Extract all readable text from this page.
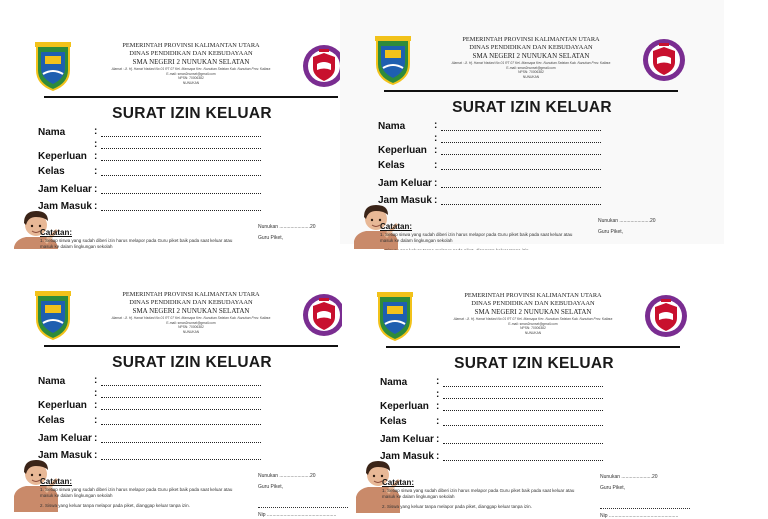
PEMERINTAH PROVINSI KALIMANTAN UTARA
DINAS PENDIDIKAN DAN KEBUDAYAAN
SMA NEGERI 2 NUNUKAN SELATAN
Alamat : Jl. Hj. Hamzi Hadani No 01 RT 07 Kel. Mansapa Kec. Nunukan Selatan Kab. Nunukan Prov. Kaltara
E-mail: sman2nunsel@gmail.com
NPSN: 70006382
NUNUKAN
SURAT IZIN KELUAR
Nama	:
:
Keperluan :
Kelas	:
Jam Keluar :
Jam Masuk :
Catatan:
1. Setiap siswa yang sudah diberi izin harus melapor pada Guru piket baik pada saat keluar atau masuk ke dalam lingkungan sekolah
Nunukan ......................20
Guru Piket,
PEMERINTAH PROVINSI KALIMANTAN UTARA
DINAS PENDIDIKAN DAN KEBUDAYAAN
SMA NEGERI 2 NUNUKAN SELATAN
Alamat : Jl. Hj. Hamzi Hadani No 01 RT 07 Kel. Mansapa Kec. Nunukan Selatan Kab. Nunukan Prov. Kaltara
E-mail: sman2nunsel@gmail.com
NPSN: 70006382
NUNUKAN
SURAT IZIN KELUAR
Nama	:
:
Keperluan :
Kelas	:
Jam Keluar :
Jam Masuk :
Catatan:
1. Setiap siswa yang sudah diberi izin harus melapor pada Guru piket baik pada saat keluar atau masuk ke dalam lingkungan sekolah
Nunukan ......................20
Guru Piket,
PEMERINTAH PROVINSI KALIMANTAN UTARA
DINAS PENDIDIKAN DAN KEBUDAYAAN
SMA NEGERI 2 NUNUKAN SELATAN
Alamat : Jl. Hj. Hamzi Hadani No 01 RT 07 Kel. Mansapa Kec. Nunukan Selatan Kab. Nunukan Prov. Kaltara
E-mail: sman2nunsel@gmail.com
NPSN: 70006382
NUNUKAN
SURAT IZIN KELUAR
Nama	:
:
Keperluan :
Kelas	:
Jam Keluar :
Jam Masuk :
Catatan:
1. Setiap siswa yang sudah diberi izin harus melapor pada Guru piket baik pada saat keluar atau masuk ke dalam lingkungan sekolah
2. Siswa yang keluar tanpa melapor pada piket, dianggap keluar tanpa izin.
Nunukan ......................20
Guru Piket,
Nip ..................................................
PEMERINTAH PROVINSI KALIMANTAN UTARA
DINAS PENDIDIKAN DAN KEBUDAYAAN
SMA NEGERI 2 NUNUKAN SELATAN
Alamat : Jl. Hj. Hamzi Hadani No 01 RT 07 Kel. Mansapa Kec. Nunukan Selatan Kab. Nunukan Prov. Kaltara
E-mail: sman2nunsel@gmail.com
NPSN: 70006382
NUNUKAN
SURAT IZIN KELUAR
Nama	:
:
Keperluan :
Kelas	:
Jam Keluar :
Jam Masuk :
Catatan:
1. Setiap siswa yang sudah diberi izin harus melapor pada Guru piket baik pada saat keluar atau masuk ke dalam lingkungan sekolah
2. Siswa yang keluar tanpa melapor pada piket, dianggap keluar tanpa izin.
Nunukan ......................20
Guru Piket,
Nip ..................................................
